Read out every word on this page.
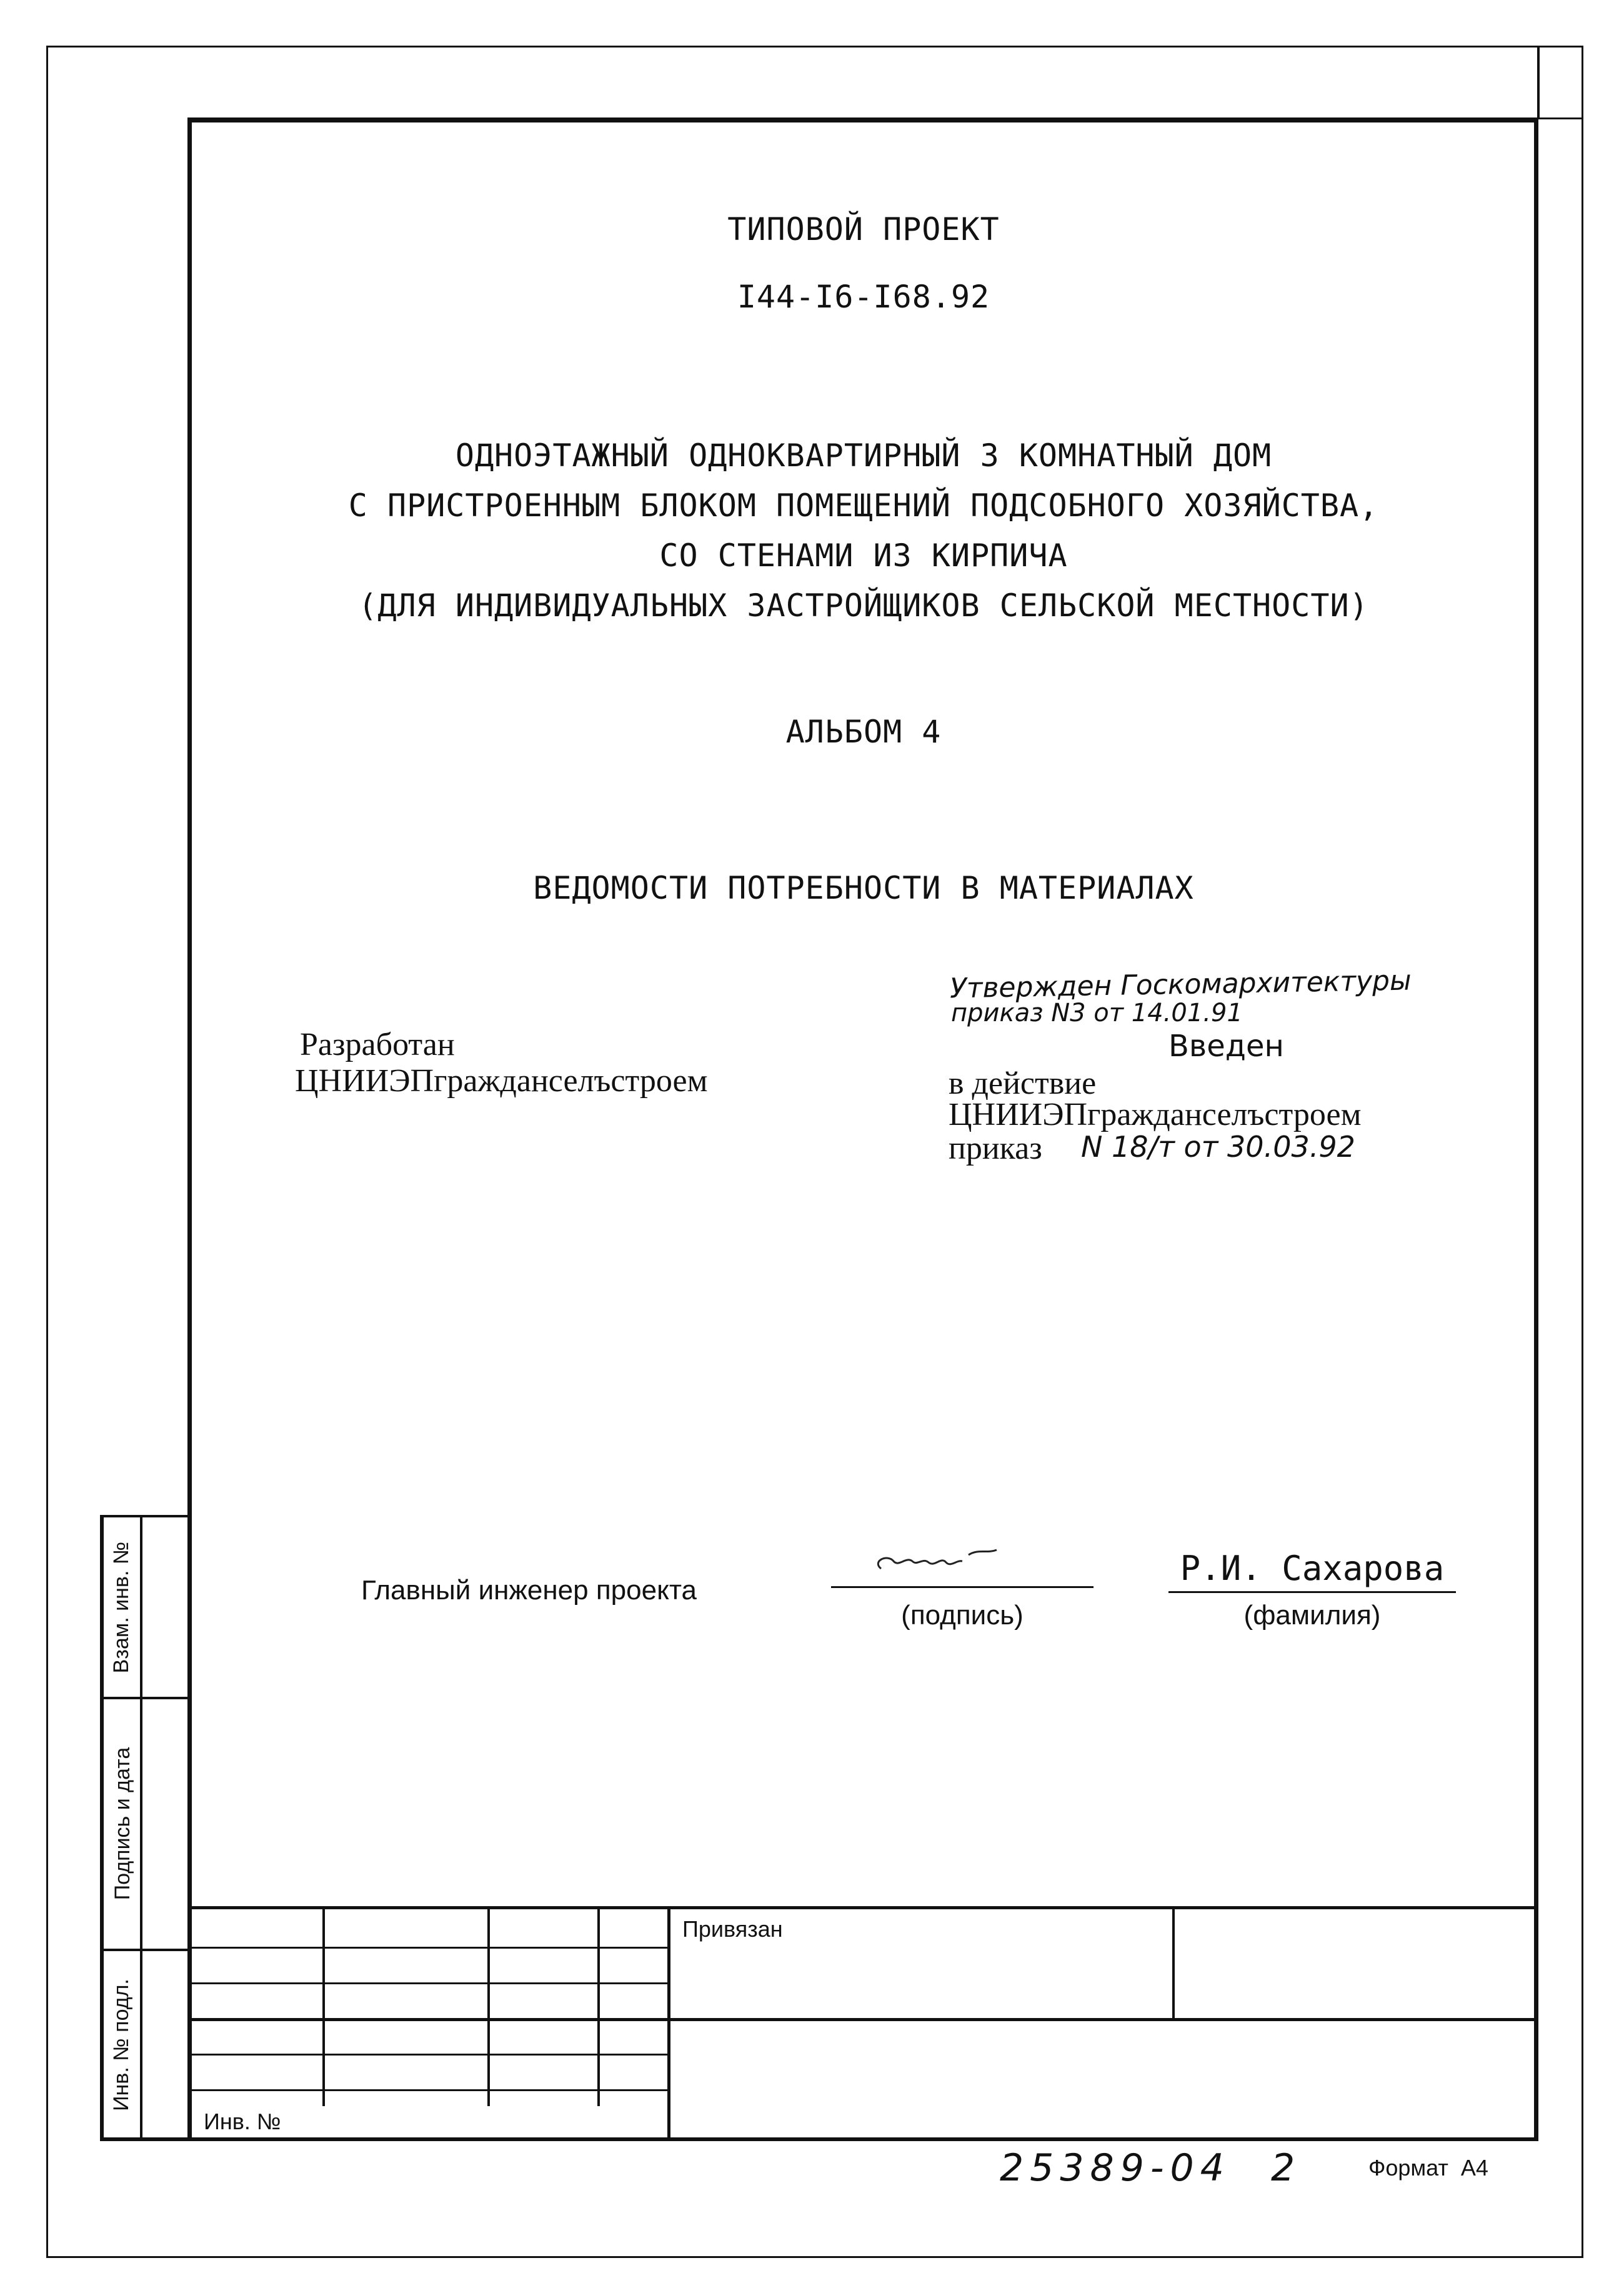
Взам. инв. №
Подпись и дата
Инв. № подл.
ТИПОВОЙ ПРОЕКТ
I44-I6-I68.92
ОДНОЭТАЖНЫЙ ОДНОКВАРТИРНЫЙ 3 КОМНАТНЫЙ ДОМ
С ПРИСТРОЕННЫМ БЛОКОМ ПОМЕЩЕНИЙ ПОДСОБНОГО ХОЗЯЙСТВА,
СО СТЕНАМИ ИЗ КИРПИЧА
(ДЛЯ ИНДИВИДУАЛЬНЫХ ЗАСТРОЙЩИКОВ СЕЛЬСКОЙ МЕСТНОСТИ)
АЛЬБОМ 4
ВЕДОМОСТИ ПОТРЕБНОСТИ В МАТЕРИАЛАХ
Разработан
ЦНИИЭПгражданселъстроем
Утвержден Госкомархитектуры
приказ N3 от 14.01.91
Введен
в действие
ЦНИИЭПгражданселъстроем
приказ N 18/т от 30.03.92
Главный инженер проекта
(подпись)
Р.И. Сахарова
(фамилия)
Привязан
Инв. №
25389-04 2	Формат  А4
